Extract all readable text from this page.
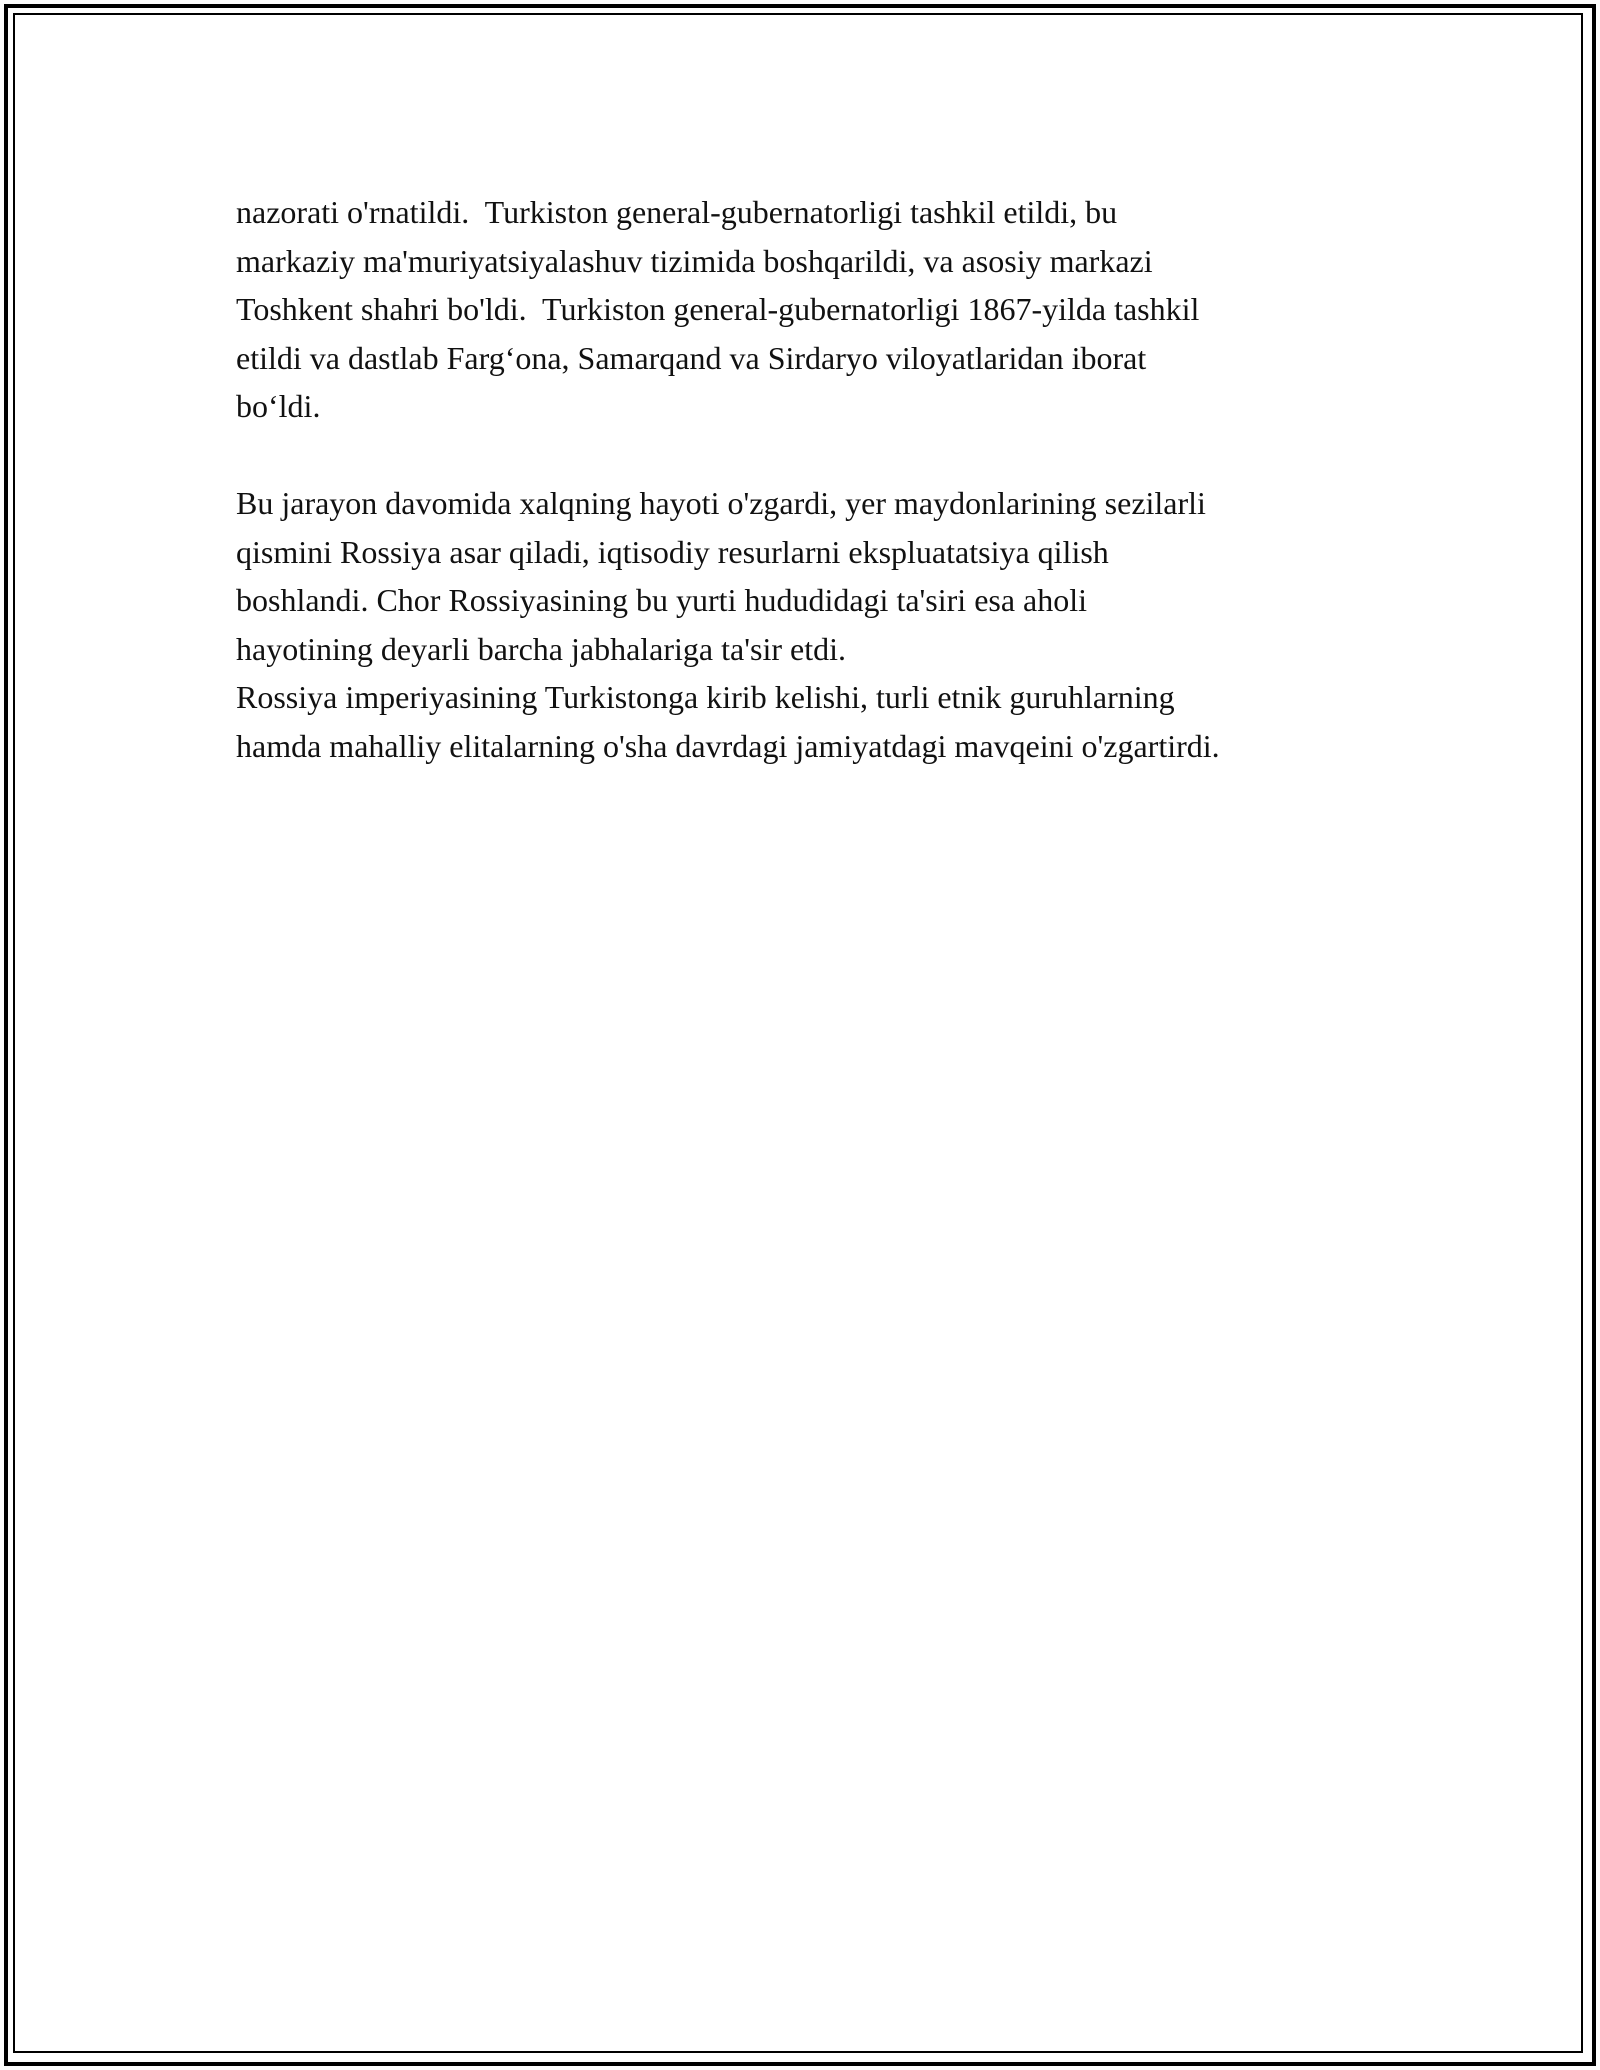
nazorati o'rnatildi.  Turkiston general-gubernatorligi tashkil etildi, bu
markaziy ma'muriyatsiyalashuv tizimida boshqarildi, va asosiy markazi
Toshkent shahri bo'ldi.  Turkiston general-gubernatorligi 1867-yilda tashkil
etildi va dastlab Farg‘ona, Samarqand va Sirdaryo viloyatlaridan iborat
bo‘ldi.

Bu jarayon davomida xalqning hayoti o'zgardi, yer maydonlarining sezilarli
qismini Rossiya asar qiladi, iqtisodiy resurlarni ekspluatatsiya qilish
boshlandi. Chor Rossiyasining bu yurti hududidagi ta'siri esa aholi
hayotining deyarli barcha jabhalariga ta'sir etdi.

Rossiya imperiyasining Turkistonga kirib kelishi, turli etnik guruhlarning
hamda mahalliy elitalarning o'sha davrdagi jamiyatdagi mavqeini o'zgartirdi.
